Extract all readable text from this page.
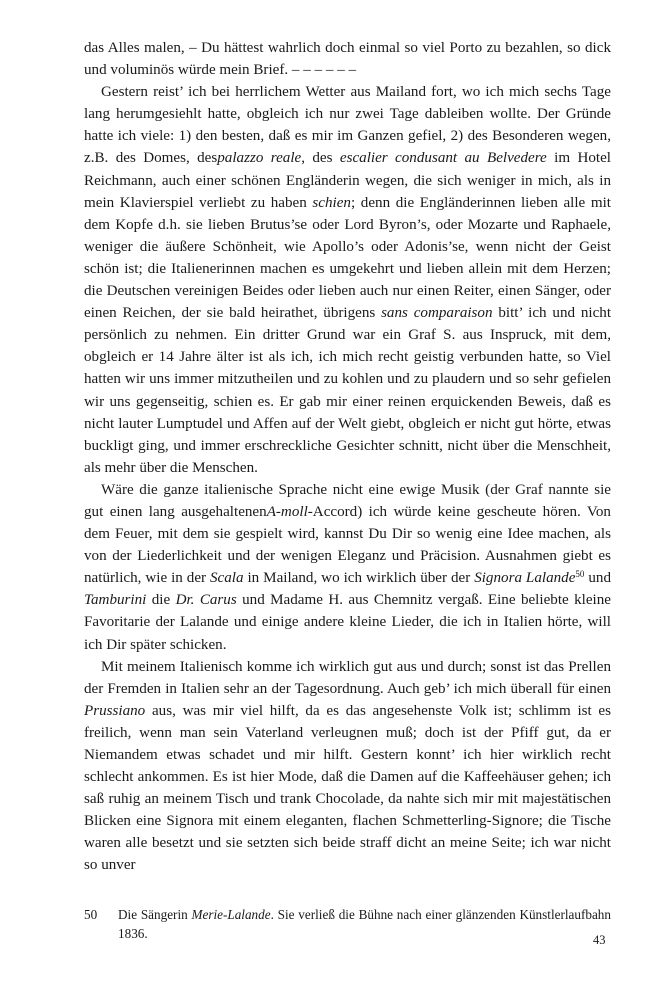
das Alles malen, – Du hättest wahrlich doch einmal so viel Porto zu bezahlen, so dick und voluminös würde mein Brief. – – – – – –

Gestern reist’ ich bei herrlichem Wetter aus Mailand fort, wo ich mich sechs Tage lang herumgesiehlt hatte, obgleich ich nur zwei Tage dableiben wollte. Der Gründe hatte ich viele: 1) den besten, daß es mir im Ganzen gefiel, 2) des Besonderen wegen, z.B. des Domes, despalazzo reale, des escalier condusant au Belvedere im Hotel Reichmann, auch einer schönen Engländerin wegen, die sich weniger in mich, als in mein Klavierspiel verliebt zu haben schien; denn die Engländerinnen lieben alle mit dem Kopfe d.h. sie lieben Brutus’se oder Lord Byron’s, oder Mozarte und Raphaele, weniger die äußere Schönheit, wie Apollo’s oder Adonis’se, wenn nicht der Geist schön ist; die Italienerinnen machen es umgekehrt und lieben allein mit dem Herzen; die Deutschen vereinigen Beides oder lieben auch nur einen Reiter, einen Sänger, oder einen Reichen, der sie bald heirathet, übrigens sans comparaison bitt’ ich und nicht persönlich zu nehmen. Ein dritter Grund war ein Graf S. aus Inspruck, mit dem, obgleich er 14 Jahre älter ist als ich, ich mich recht geistig verbunden hatte, so Viel hatten wir uns immer mitzutheilen und zu kohlen und zu plaudern und so sehr gefielen wir uns gegenseitig, schien es. Er gab mir einer reinen erquickenden Beweis, daß es nicht lauter Lumptudel und Affen auf der Welt giebt, obgleich er nicht gut hörte, etwas buckligt ging, und immer erschreckliche Gesichter schnitt, nicht über die Menschheit, als mehr über die Menschen.

Wäre die ganze italienische Sprache nicht eine ewige Musik (der Graf nannte sie gut einen lang ausgehaltenenA-moll-Accord) ich würde keine gescheute hören. Von dem Feuer, mit dem sie gespielt wird, kannst Du Dir so wenig eine Idee machen, als von der Liederlichkeit und der wenigen Eleganz und Präcision. Ausnahmen giebt es natürlich, wie in der Scala in Mailand, wo ich wirklich über der Signora Lalande$^{50}$ und Tamburini die Dr. Carus und Madame H. aus Chemnitz vergaß. Eine beliebte kleine Favoritarie der Lalande und einige andere kleine Lieder, die ich in Italien hörte, will ich Dir später schicken.

Mit meinem Italienisch komme ich wirklich gut aus und durch; sonst ist das Prellen der Fremden in Italien sehr an der Tagesordnung. Auch geb’ ich mich überall für einen Prussiano aus, was mir viel hilft, da es das angesehenste Volk ist; schlimm ist es freilich, wenn man sein Vaterland verleugnen muß; doch ist der Pfiff gut, da er Niemandem etwas schadet und mir hilft. Gestern konnt’ ich hier wirklich recht schlecht ankommen. Es ist hier Mode, daß die Damen auf die Kaffeehäuser gehen; ich saß ruhig an meinem Tisch und trank Chocolade, da nahte sich mir mit majestätischen Blicken eine Signora mit einem eleganten, flachen Schmetterling-Signore; die Tische waren alle besetzt und sie setzten sich beide straff dicht an meine Seite; ich war nicht so unver

50	Die Sängerin Merie-Lalande. Sie verließ die Bühne nach einer glänzenden Künstlerlaufbahn 1836.	43
